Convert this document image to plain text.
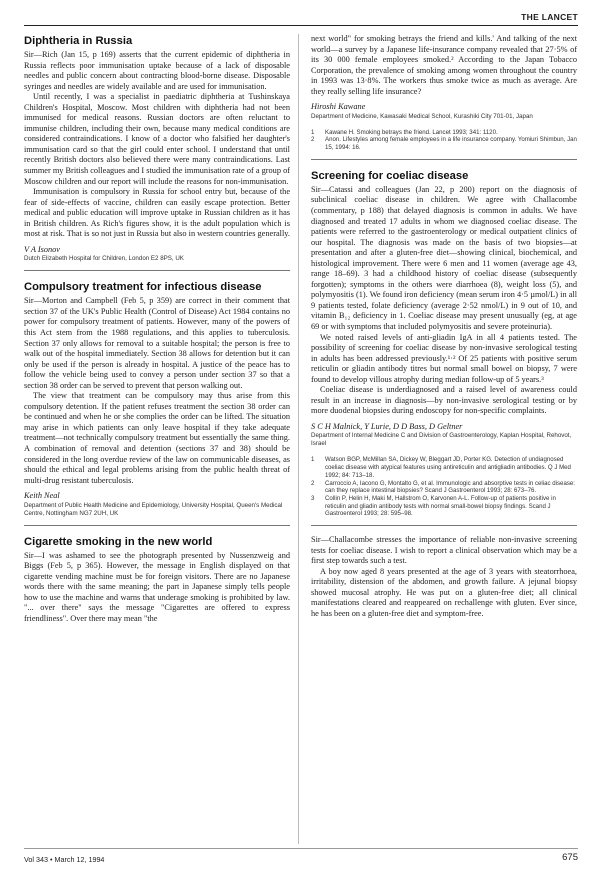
THE LANCET
Diphtheria in Russia

Sir—Rich (Jan 15, p 169) asserts that the current epidemic of diphtheria in Russia reflects poor immunisation uptake because of a lack of disposable needles and public concern about contracting blood-borne disease. Disposable syringes and needles are widely available and are used for immunisation.

Until recently, I was a specialist in paediatric diphtheria at Tushinskaya Children's Hospital, Moscow. Most children with diphtheria had not been immunised for medical reasons. Russian doctors are often reluctant to immunise children, including their own, because many medical conditions are considered contraindications. I know of a doctor who falsified her daughter's immunisation card so that the girl could enter school. I understand that until recently British doctors also believed there were many contraindications. Last summer my British colleagues and I studied the immunisation rate of a group of Moscow children and our report will include the reasons for non-immunisation.

Immunisation is compulsory in Russia for school entry but, because of the fear of side-effects of vaccine, children can easily escape protection. Better medical and public education will improve uptake in Russian children as it has in British children. As Rich's figures show, it is the adult population which is most at risk. That is so not just in Russia but also in western countries generally.

V A Isonov
Dutch Elizabeth Hospital for Children, London E2 8PS, UK
Compulsory treatment for infectious disease

Sir—Morton and Campbell (Feb 5, p 359) are correct in their comment that section 37 of the UK's Public Health (Control of Disease) Act 1984 contains no power for compulsory treatment of patients. However, many of the powers of this Act stem from the 1988 regulations, and this applies to tuberculosis. Section 37 only allows for removal to a suitable hospital; the person is free to walk out of the hospital immediately. Section 38 allows for detention but it can only be used if the person is already in hospital. A justice of the peace has to follow the vehicle being used to convey a person under section 37 so that a section 38 order can be served to prevent that person walking out.

The view that treatment can be compulsory may thus arise from this compulsory detention. If the patient refuses treatment the section 38 order can be continued and when he or she complies the order can be lifted. The situation may arise in which patients can only leave hospital if they take adequate treatment—not technically compulsory treatment but essentially the same thing. A combination of removal and detention (sections 37 and 38) should be considered in the long overdue review of the law on communicable diseases, as should the ethical and legal problems arising from the public health threat of multi-drug resistant tuberculosis.

Keith Neal
Department of Public Health Medicine and Epidemiology, University Hospital, Queen's Medical Centre, Nottingham NG7 2UH, UK
Cigarette smoking in the new world

Sir—I was ashamed to see the photograph presented by Nussenzweig and Biggs (Feb 5, p 365). However, the message in English displayed on that cigarette vending machine must be for foreign visitors. There are no Japanese words there with the same meaning; the part in Japanese simply tells people how to use the machine and warns that underage smoking is prohibited by law. "... over there" says the message "Cigarettes are offered to express friendliness". Over there may mean "the

next world" for smoking betrays the friend and kills.' And talking of the next world—a survey by a Japanese life-insurance company revealed that 27·5% of its 30 000 female employees smoked.² According to the Japan Tobacco Corporation, the prevalence of smoking among women throughout the country in 1993 was 13·8%. The workers thus smoke twice as much as average. Are they really selling life insurance?

Hiroshi Kawane
Department of Medicine, Kawasaki Medical School, Kurashiki City 701-01, Japan
1	Kawane H. Smoking betrays the friend. Lancet 1993; 341: 1120.
2	Anon. Lifestyles among female employees in a life insurance company. Yomiuri Shimbun, Jan 15, 1994: 16.
Screening for coeliac disease

Sir—Catassi and colleagues (Jan 22, p 200) report on the diagnosis of subclinical coeliac disease in children. We agree with Challacombe (commentary, p 188) that delayed diagnosis is common in adults. We have diagnosed and treated 17 adults in whom we diagnosed coeliac disease. The patients were referred to the gastroenterology or medical outpatient clinics of our hospital. The diagnosis was made on the basis of two biopsies—at presentation and after a gluten-free diet—showing clinical, biochemical, and histological improvement. There were 6 men and 11 women (average age 43, range 18–69). 3 had a childhood history of coeliac disease (subsequently forgotten); symptoms in the others were diarrhoea (8), weight loss (5), and polymyositis (1). We found iron deficiency (mean serum iron 4·5 µmol/L) in all 9 patients tested, folate deficiency (average 2·52 nmol/L) in 9 out of 10, and vitamin B₁₂ deficiency in 1. Coeliac disease may present unusually (eg, at age 69 or with symptoms that included polymyositis and severe proteinuria).

We noted raised levels of anti-gliadin IgA in all 4 patients tested. The possibility of screening for coeliac disease by non-invasive serological testing in adults has been addressed previously.¹·² Of 25 patients with positive serum reticulin or gliadin antibody titres but normal small bowel on biopsy, 7 were found to develop villous atrophy during median follow-up of 5 years.³

Coeliac disease is underdiagnosed and a raised level of awareness could result in an increase in diagnosis—by non-invasive serological testing or by more duodenal biopsies during endoscopy for non-specific complaints.

S C H Malnick, Y Lurie, D D Bass, D Geltner
Department of Internal Medicine C and Division of Gastroenterology, Kaplan Hospital, Rehovot, Israel
1	Watson BGP, McMillan SA, Dickey W, Bleggart JD, Porter KG. Detection of undiagnosed coeliac disease with atypical features using antireticulin and antigliadin antibodies. Q J Med 1992; 84: 713–18.
2	Carroccio A, Iacono G, Montalto G, et al. Immunologic and absorptive tests in celiac disease: can they replace intestinal biopsies? Scand J Gastroenterol 1993; 28: 673–76.
3	Collin P, Helin H, Maki M, Hallstrom O, Karvonen A-L. Follow-up of patients positive in reticulin and gliadin antibody tests with normal small-bowel biopsy findings. Scand J Gastroenterol 1993; 28: 595–98.

Sir—Challacombe stresses the importance of reliable non-invasive screening tests for coeliac disease. I wish to report a clinical observation which may be a first step towards such a test.

A boy now aged 8 years presented at the age of 3 years with steatorrhoea, irritability, distension of the abdomen, and growth failure. A jejunal biopsy showed mucosal atrophy. He was put on a gluten-free diet; all clinical manifestations cleared and reappeared on rechallenge with gluten. Ever since, he has been on a gluten-free diet and symptom-free.

Vol 343 • March 12, 1994	675
